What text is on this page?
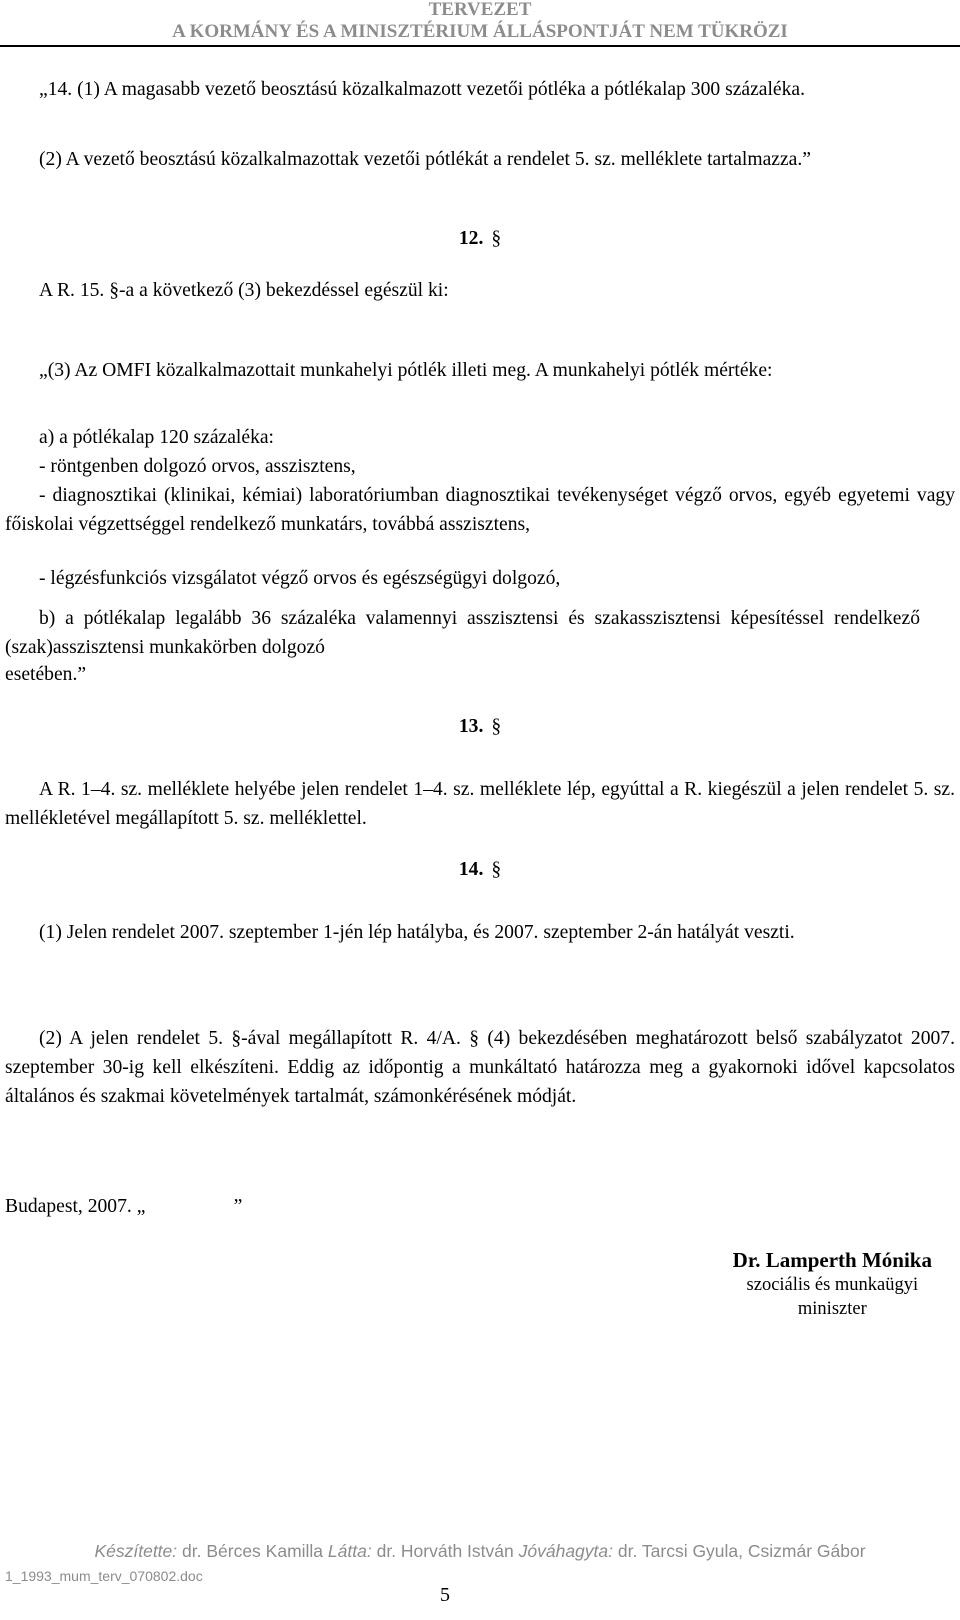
TERVEZET
A KORMÁNY ÉS A MINISZTÉRIUM ÁLLÁSPONTJÁT NEM TÜKRÖZI
„14. (1) A magasabb vezető beosztású közalkalmazott vezetői pótléka a pótlékalap 300 százaléka.
(2) A vezető beosztású közalkalmazottak vezetői pótlékát a rendelet 5. sz. melléklete tartalmazza.”
12. §
A R. 15. §-a a következő (3) bekezdéssel egészül ki:
„(3) Az OMFI közalkalmazottait munkahelyi pótlék illeti meg. A munkahelyi pótlék mértéke:
a) a pótlékalap 120 százaléka:
- röntgenben dolgozó orvos, asszisztens,
- diagnosztikai (klinikai, kémiai) laboratóriumban diagnosztikai tevékenységet végző orvos, egyéb egyetemi vagy főiskolai végzettséggel rendelkező munkatárs, továbbá asszisztens,
- légzésfunkciós vizsgálatot végző orvos és egészségügyi dolgozó,
b) a pótlékalap legalább 36 százaléka valamennyi asszisztensi és szakasszisztensi képesítéssel rendelkező (szak)asszisztensi munkakörben dolgozó
esetében.”
13. §
A R. 1–4. sz. melléklete helyébe jelen rendelet 1–4. sz. melléklete lép, egyúttal a R. kiegészül a jelen rendelet 5. sz. mellékletével megállapított 5. sz. melléklettel.
14. §
(1) Jelen rendelet 2007. szeptember 1-jén lép hatályba, és 2007. szeptember 2-án hatályát veszti.
(2) A jelen rendelet 5. §-ával megállapított R. 4/A. § (4) bekezdésében meghatározott belső szabályzatot 2007. szeptember 30-ig kell elkészíteni. Eddig az időpontig a munkáltató határozza meg a gyakornoki idővel kapcsolatos általános és szakmai követelmények tartalmát, számonkérésének módját.
Budapest, 2007. „                  ”
Dr. Lamperth Mónika
szociális és munkaügyi
miniszter
Készítette: dr. Bérces Kamilla Látta: dr. Horváth István Jóváhagyta: dr. Tarcsi Gyula, Csizmár Gábor
1_1993_mum_terv_070802.doc
5
